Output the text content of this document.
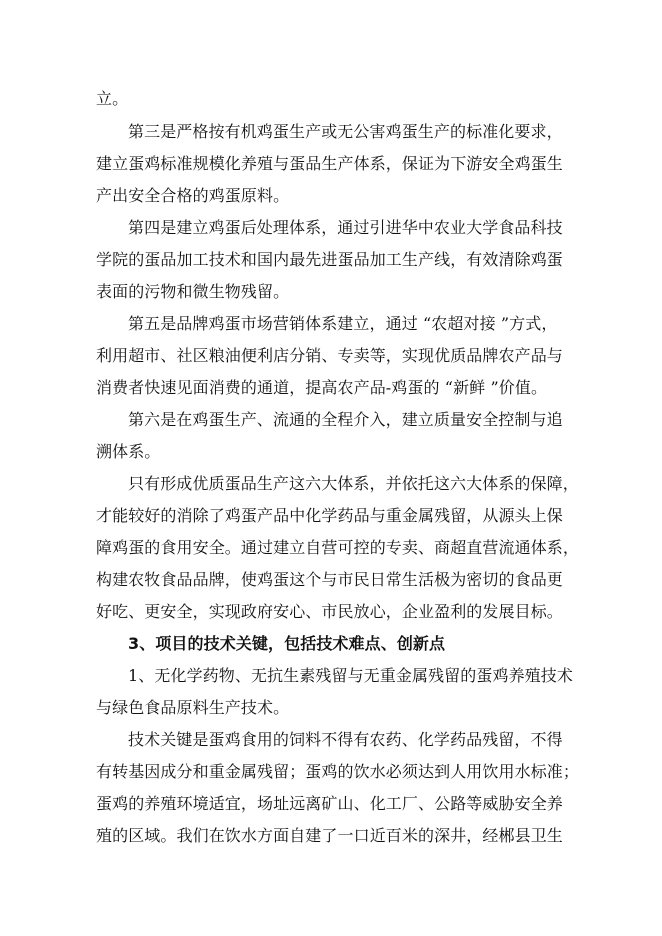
立。
第三是严格按有机鸡蛋生产或无公害鸡蛋生产的标准化要求，
建立蛋鸡标准规模化养殖与蛋品生产体系，保证为下游安全鸡蛋生
产出安全合格的鸡蛋原料。
第四是建立鸡蛋后处理体系，通过引进华中农业大学食品科技
学院的蛋品加工技术和国内最先进蛋品加工生产线，有效清除鸡蛋
表面的污物和微生物残留。
第五是品牌鸡蛋市场营销体系建立，通过 “农超对接 ”方式，
利用超市、社区粮油便利店分销、专卖等，实现优质品牌农产品与
消费者快速见面消费的通道，提高农产品-鸡蛋的 “新鲜 ”价值。
第六是在鸡蛋生产、流通的全程介入，建立质量安全控制与追
溯体系。
只有形成优质蛋品生产这六大体系，并依托这六大体系的保障，
才能较好的消除了鸡蛋产品中化学药品与重金属残留，从源头上保
障鸡蛋的食用安全。通过建立自营可控的专卖、商超直营流通体系，
构建农牧食品品牌，使鸡蛋这个与市民日常生活极为密切的食品更
好吃、更安全，实现政府安心、市民放心，企业盈利的发展目标。
3、项目的技术关键，包括技术难点、创新点
1、无化学药物、无抗生素残留与无重金属残留的蛋鸡养殖技术
与绿色食品原料生产技术。
技术关键是蛋鸡食用的饲料不得有农药、化学药品残留，不得
有转基因成分和重金属残留；蛋鸡的饮水必须达到人用饮用水标准；
蛋鸡的养殖环境适宜，场址远离矿山、化工厂、公路等威胁安全养
殖的区域。我们在饮水方面自建了一口近百米的深井，经郴县卫生
